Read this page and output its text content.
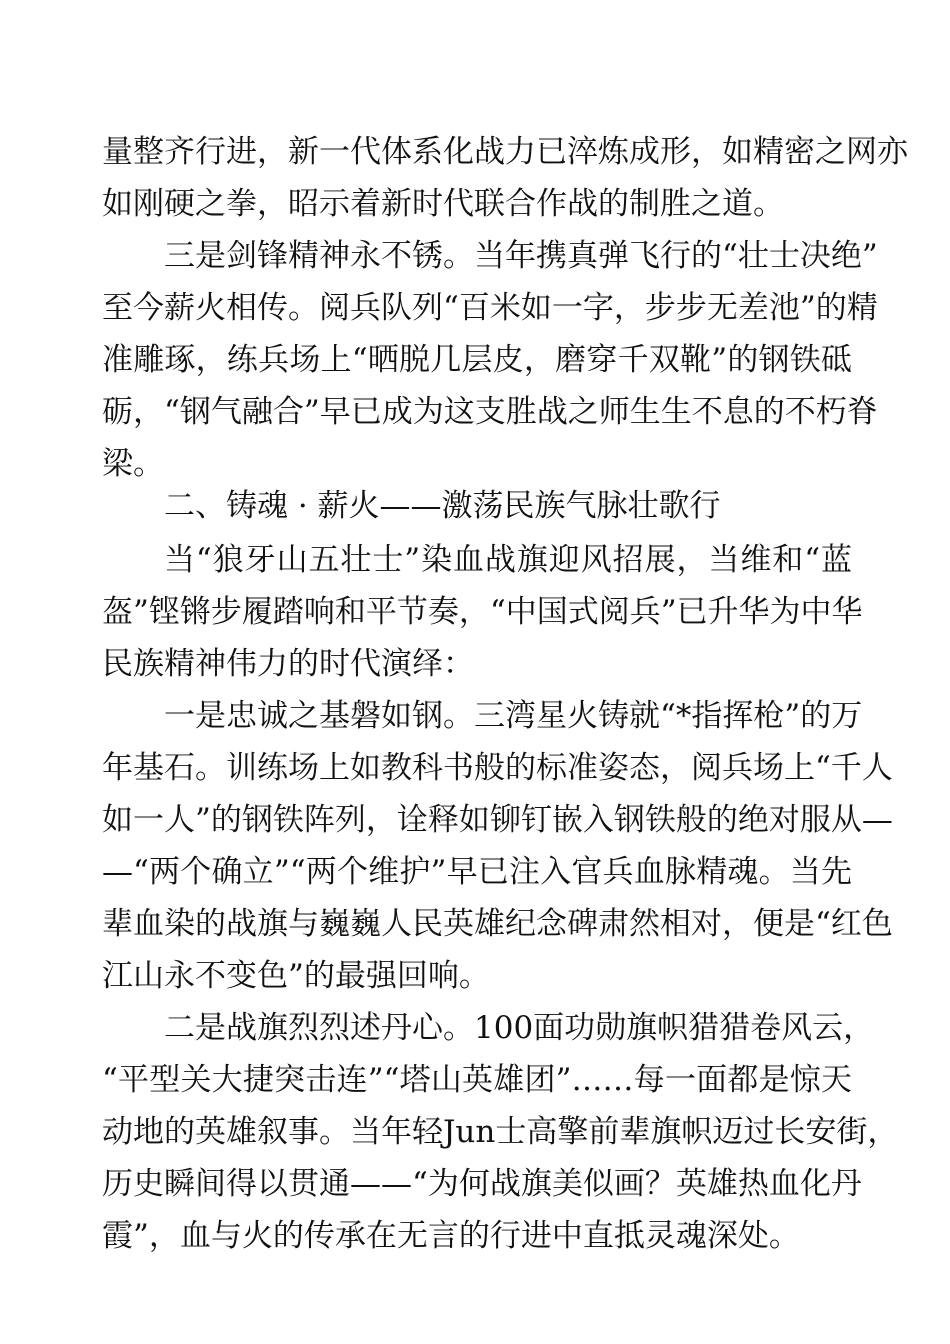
量整齐行进，新一代体系化战力已淬炼成形，如精密之网亦
如刚硬之拳，昭示着新时代联合作战的制胜之道。
三是剑锋精神永不锈。当年携真弹飞行的“壮士决绝”
至今薪火相传。阅兵队列“百米如一字，步步无差池”的精
准雕琢，练兵场上“晒脱几层皮，磨穿千双靴”的钢铁砥
砺，“钢气融合”早已成为这支胜战之师生生不息的不朽脊
梁。
二、铸魂 · 薪火——激荡民族气脉壮歌行
当“狼牙山五壮士”染血战旗迎风招展，当维和“蓝
盔”铿锵步履踏响和平节奏，“中国式阅兵”已升华为中华
民族精神伟力的时代演绎：
一是忠诚之基磐如钢。三湾星火铸就“*指挥枪”的万
年基石。训练场上如教科书般的标准姿态，阅兵场上“千人
如一人”的钢铁阵列，诠释如铆钉嵌入钢铁般的绝对服从—
—“两个确立”“两个维护”早已注入官兵血脉精魂。当先
辈血染的战旗与巍巍人民英雄纪念碑肃然相对，便是“红色
江山永不变色”的最强回响。
二是战旗烈烈述丹心。100面功勋旗帜猎猎卷风云，
“平型关大捷突击连”“塔山英雄团”……每一面都是惊天
动地的英雄叙事。当年轻Jun士高擎前辈旗帜迈过长安街，
历史瞬间得以贯通——“为何战旗美似画？英雄热血化丹
霞”，血与火的传承在无言的行进中直抵灵魂深处。
